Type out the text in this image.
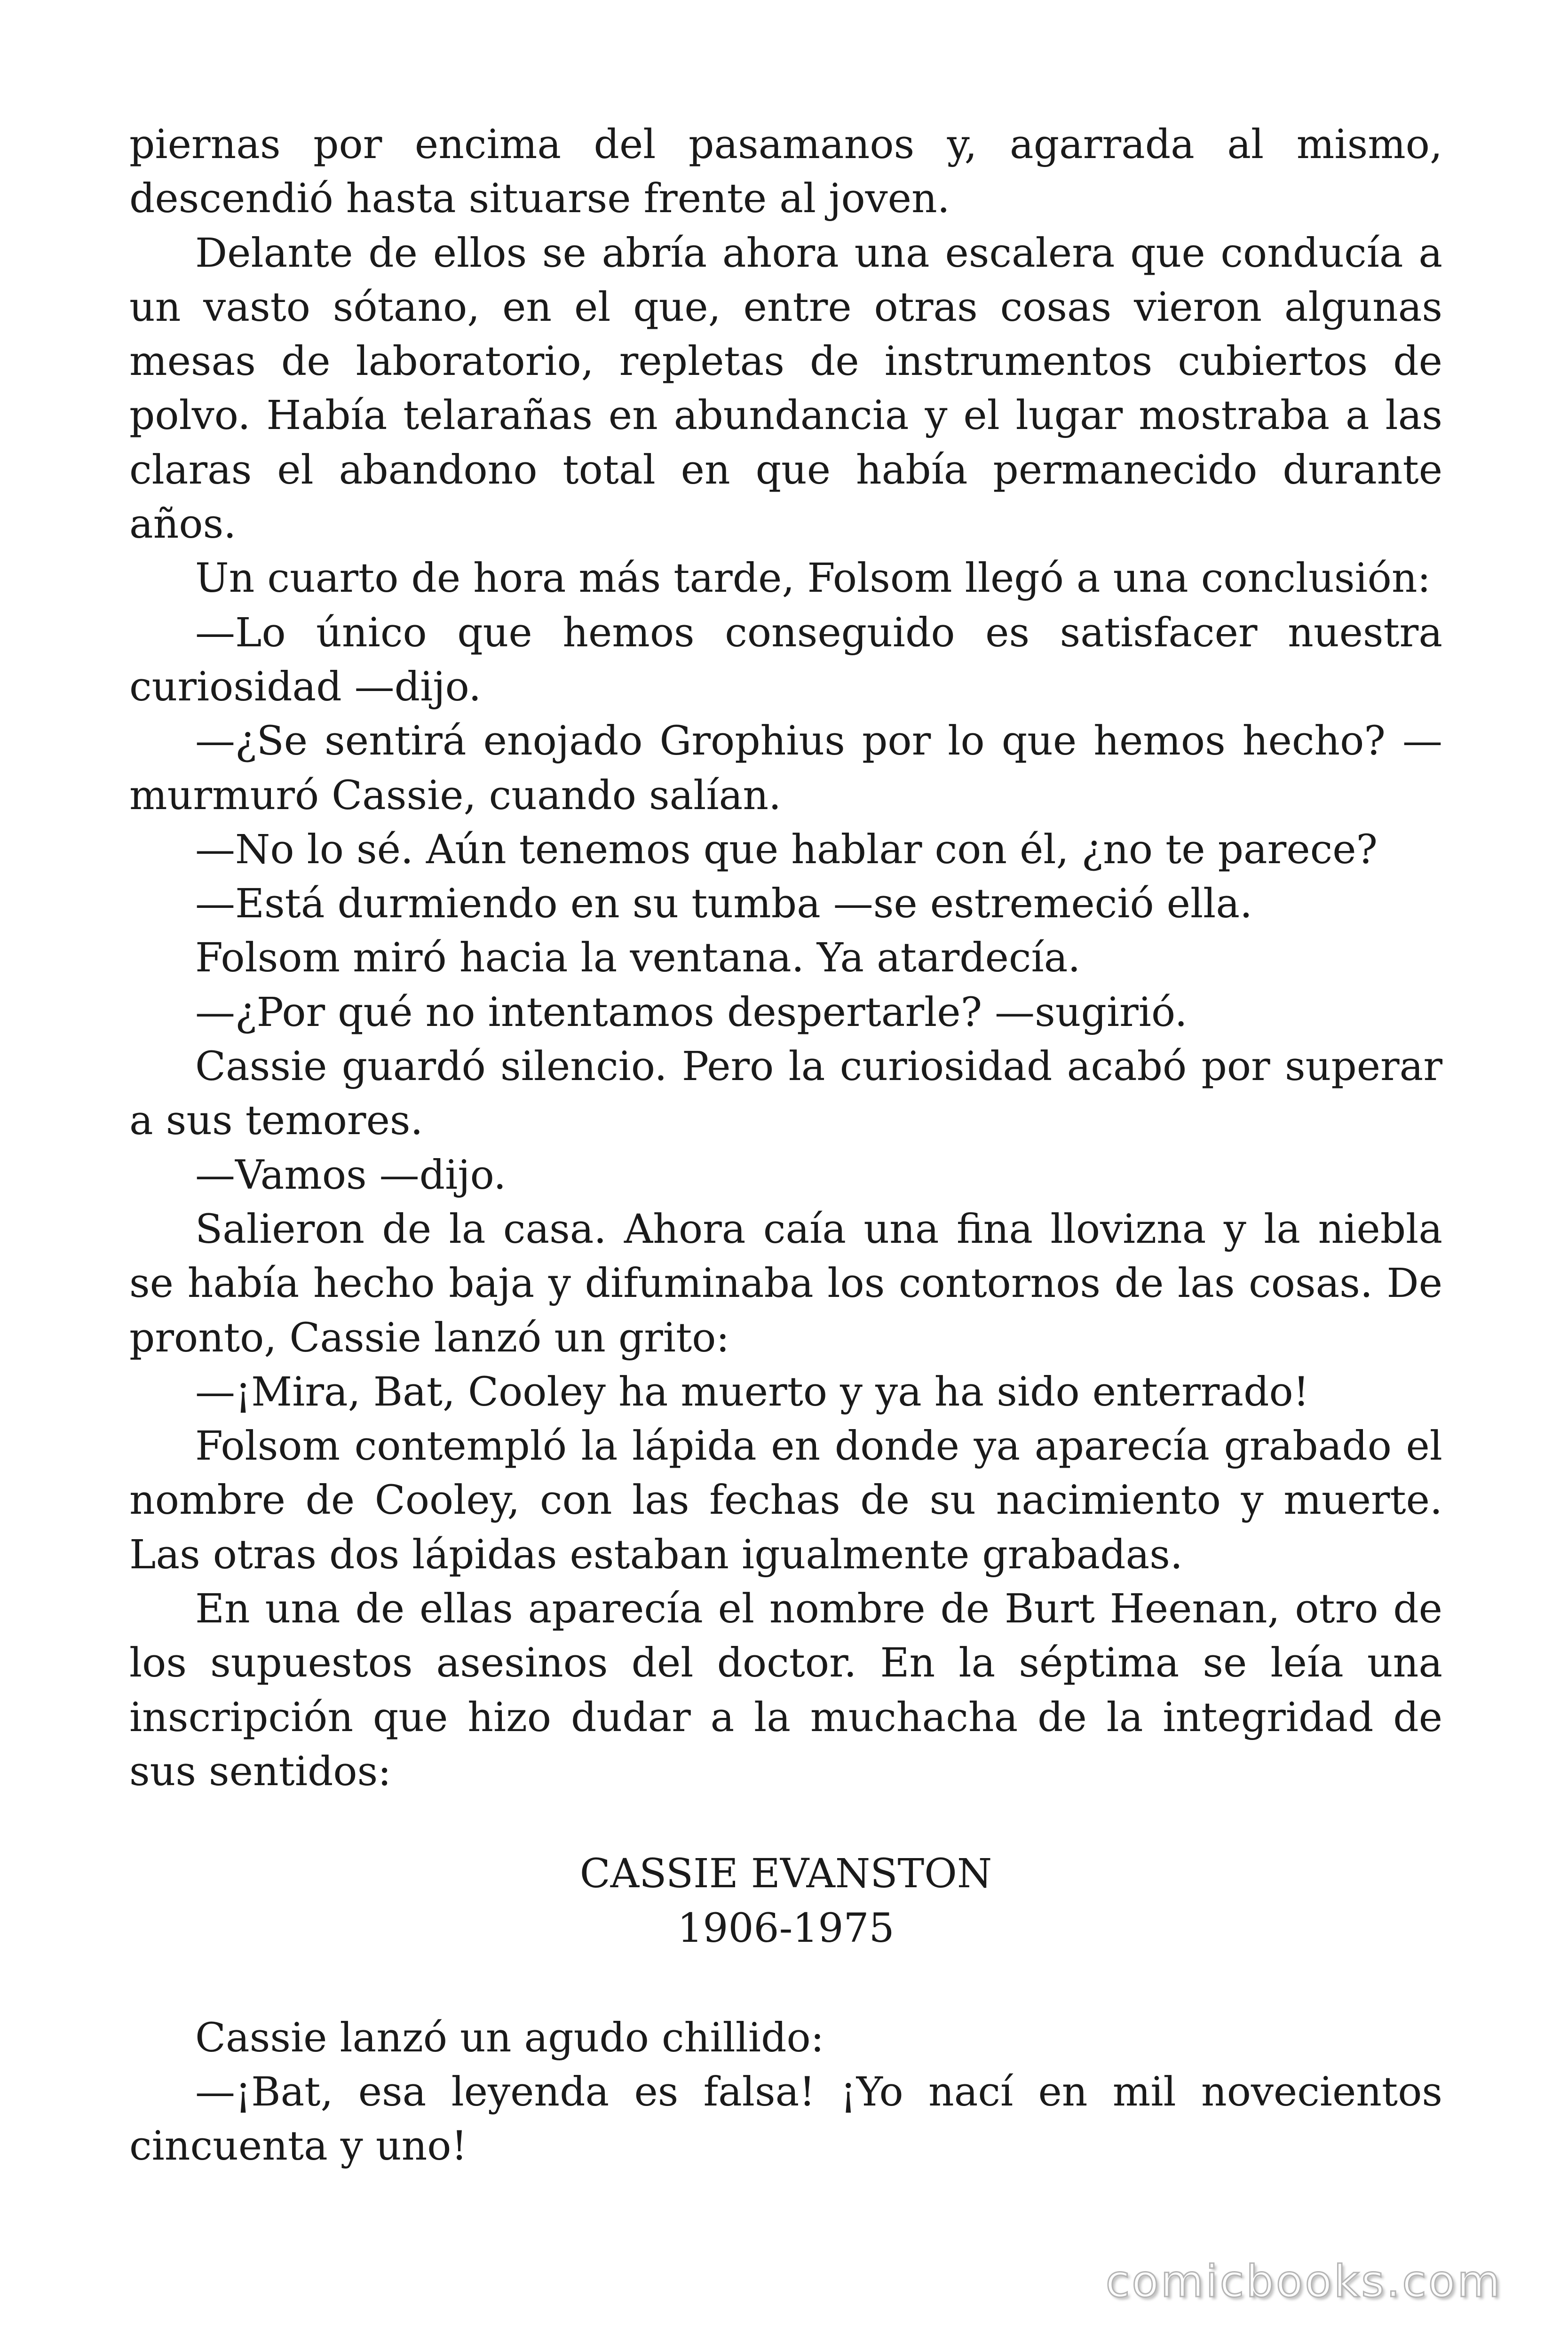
piernas por encima del pasamanos y, agarrada al mismo, descendió hasta situarse frente al joven.

Delante de ellos se abría ahora una escalera que conducía a un vasto sótano, en el que, entre otras cosas vieron algunas mesas de laboratorio, repletas de instrumentos cubiertos de polvo. Había telarañas en abundancia y el lugar mostraba a las claras el abandono total en que había permanecido durante años.

Un cuarto de hora más tarde, Folsom llegó a una conclusión:

—Lo único que hemos conseguido es satisfacer nuestra curiosidad —dijo.

—¿Se sentirá enojado Grophius por lo que hemos hecho? —murmuró Cassie, cuando salían.

—No lo sé. Aún tenemos que hablar con él, ¿no te parece?

—Está durmiendo en su tumba —se estremeció ella.

Folsom miró hacia la ventana. Ya atardecía.

—¿Por qué no intentamos despertarle? —sugirió.

Cassie guardó silencio. Pero la curiosidad acabó por superar a sus temores.

—Vamos —dijo.

Salieron de la casa. Ahora caía una fina llovizna y la niebla se había hecho baja y difuminaba los contornos de las cosas. De pronto, Cassie lanzó un grito:

—¡Mira, Bat, Cooley ha muerto y ya ha sido enterrado!

Folsom contempló la lápida en donde ya aparecía grabado el nombre de Cooley, con las fechas de su nacimiento y muerte. Las otras dos lápidas estaban igualmente grabadas.

En una de ellas aparecía el nombre de Burt Heenan, otro de los supuestos asesinos del doctor. En la séptima se leía una inscripción que hizo dudar a la muchacha de la integridad de sus sentidos:

CASSIE EVANSTON
1906-1975

Cassie lanzó un agudo chillido:

—¡Bat, esa leyenda es falsa! ¡Yo nací en mil novecientos cincuenta y uno!

comicbooks.com
